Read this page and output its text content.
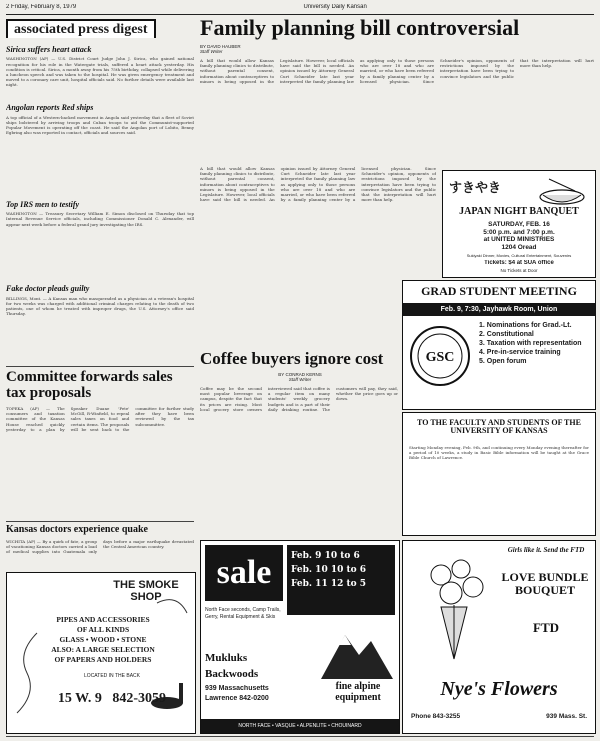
2 Friday, February 8, 1979	University Daily Kansan
associated press digest
Sirica suffers heart attack
WASHINGTON (AP) — U.S. District Court Judge John J. Sirica, who gained national recognition for his role in the Watergate trials, suffered a heart attack yesterday. His condition is critical. Sirica, a month away from his 75th birthday, collapsed while delivering a luncheon speech and was taken to the hospital. He was given emergency treatment and moved to a coronary care unit, hospital officials said. No further details were available last night.
Angolan reports Red ships
A top official of a Western-backed movement in Angola said yesterday that a fleet of Soviet ships bolstered by arriving troops and Cuban troops to aid the Communist-supported Popular Movement is operating off the coast. He said the Angolan port of Lobito, Benny Egbring also was reported in contact, officials and sources said.
Top IRS men to testify
WASHINGTON — Treasury Secretary William E. Simon disclosed on Thursday that top Internal Revenue Service officials, including Commissioner Donald C. Alexander, will appear next week before a federal grand jury investigating the IRS.
Fake doctor pleads guilty
BILLINGS, Mont. — A Kansas man who masqueraded as a physician at a veteran's hospital for two weeks was charged with additional criminal charges relating to the death of two patients, one of whom he treated with improper drugs, the U.S. Attorney's office said Thursday.
Committee forwards sales tax proposals
TOPEKA (AP) — The consumers and taxation committee of the Kansas House reached quickly yesterday to a plan by Speaker Duane 'Pete' McGill, R-Winfield, to repeal sales taxes on food and certain items. The proposals will be sent back to the committee for further study after they have been reviewed by the tax subcommittee.
Kansas doctors experience quake
WICHITA (AP) — By a quirk of fate, a group of vacationing Kansas doctors carried a load of medical supplies into Guatemala only days before a major earthquake devastated the Central American country.
THE SMOKE SHOP
PIPES AND ACCESSORIES
OF ALL KINDS
GLASS • WOOD • STONE
ALSO: A LARGE SELECTION
OF PAPERS AND HOLDERS
LOCATED IN THE BACK
15 W. 9 842-3059
Family planning bill controversial
BY DAVID HAUBER
Staff Writer
A bill that would allow Kansas family planning clinics to distribute, without parental consent, information about contraceptives to minors is being opposed in the Legislature. However, local officials have said the bill is needed. An opinion issued by Attorney General Curt Schneider late last year interpreted the family planning law as applying only to those persons who are over 18 and who are married, or who have been referred by a family planning center by a licensed physician. Since Schneider's opinion, opponents of restrictions imposed by the interpretation have been trying to convince legislators and the public that the interpretation will hurt more than help.
A bill that would allow Kansas family planning clinics to distribute, without parental consent, information about contraceptives to minors is being opposed in the Legislature. However, local officials have said the bill is needed. An opinion issued by Attorney General Curt Schneider late last year interpreted the family planning law as applying only to those persons who are over 18 and who are married, or who have been referred by a family planning center by a licensed physician. Since Schneider's opinion, opponents of restrictions imposed by the interpretation have been trying to convince legislators and the public that the interpretation will hurt more than help.
すきやき
JAPAN NIGHT BANQUET
SATURDAY, FEB. 16
5:00 p.m. and 7:00 p.m.
at UNITED MINISTRIES
1204 Oread
Sukiyaki Dinner, Movies, Cultural Entertainment, Souvenirs
Tickets: $4 at SUA office
No Tickets at Door
GRAD STUDENT MEETING
Feb. 9, 7:30, Jayhawk Room, Union
GSC
1. Nominations for Grad.-Lt.
2. Constitutional
3. Taxation with representation
4. Pre-in-service training
5. Open forum
Coffee buyers ignore cost
BY CONRAD KERNS
Staff Writer
Coffee may be the second most popular beverage on campus, despite the fact that its prices are rising. Most local grocery store owners interviewed said that coffee is a regular item on many students' weekly grocery budgets and is a part of their daily drinking routine. The customers will pay, they said, whether the price goes up or down.
TO THE FACULTY AND STUDENTS OF THE UNIVERSITY OF KANSAS
Starting Monday evening, Feb. 9th, and continuing every Monday evening thereafter for a period of 10 weeks, a study in Basic Bible information will be taught at the Grace Bible Church of Lawrence.
sale	Feb. 9 10 to 6
Feb. 10 10 to 6
Feb. 11 12 to 5
North Face seconds, Camp Trails, Gerry, Rental Equipment & Skis
Mukluks
Backwoods
939 Massachusetts
Lawrence 842-0200
fine alpine equipment
NORTH FACE • VASQUE • ALPENLITE • CHOUINARD
Girls like it. Send the FTD
LOVE BUNDLE BOUQUET
FTD
Nye's Flowers
Phone 843-3255	939 Mass. St.
